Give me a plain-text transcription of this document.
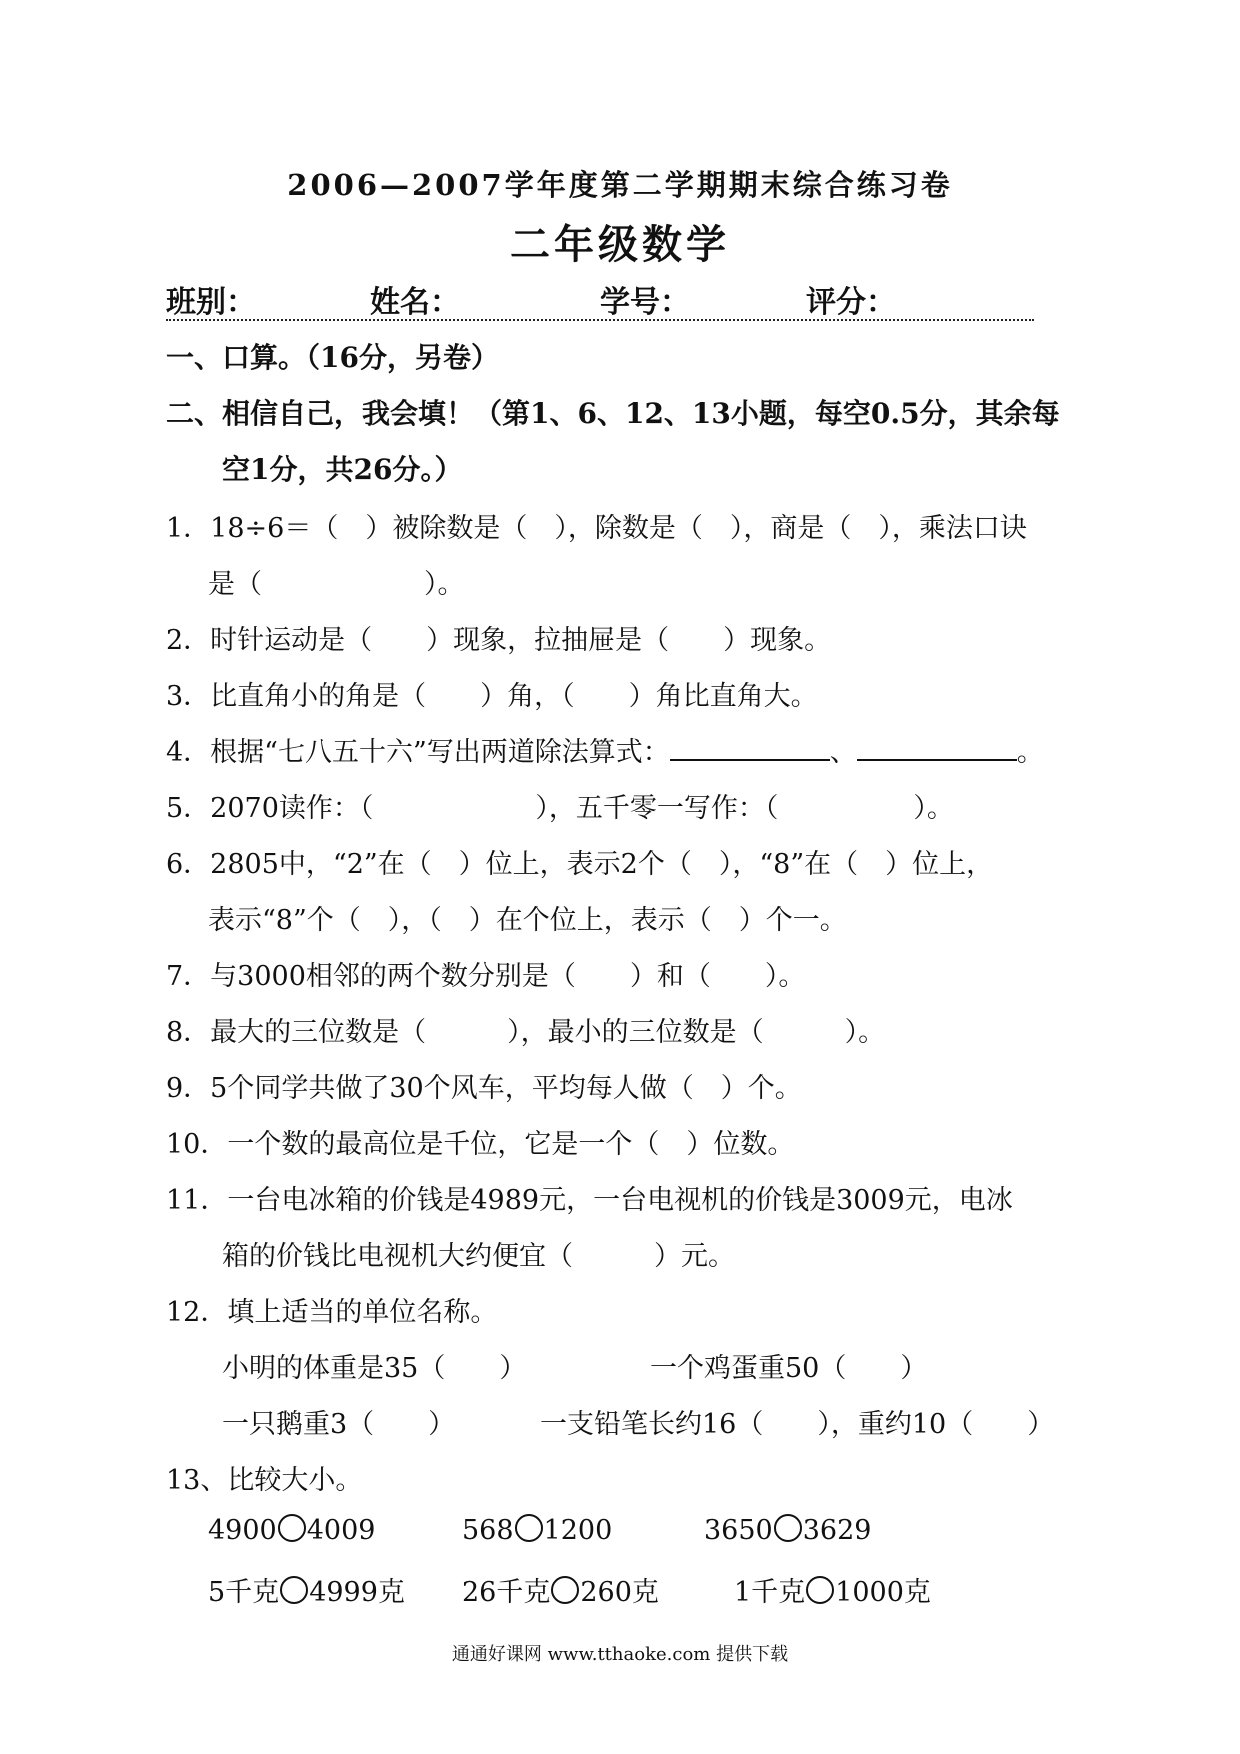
2006—2007学年度第二学期期末综合练习卷
二年级数学
班别：	姓名：	学号：	评分：
一、口算。（16分，另卷）
二、相信自己，我会填！（第1、6、12、13小题，每空0.5分，其余每
空1分，共26分。）
1．18÷6＝（　）被除数是（　），除数是（　），商是（　），乘法口诀
是（　　　　　　）。
2．时针运动是（　　）现象，拉抽屉是（　　）现象。
3．比直角小的角是（　　）角，（　　）角比直角大。
4．根据“七八五十六”写出两道除法算式：	、	。
5．2070读作：（　　　　　　），五千零一写作：（　　　　　）。
6．2805中，“2”在（　）位上，表示2个（　），“8”在（　）位上，
表示“8”个（　），（　）在个位上，表示（　）个一。
7．与3000相邻的两个数分别是（　　）和（　　）。
8．最大的三位数是（　　　），最小的三位数是（　　　）。
9．5个同学共做了30个风车，平均每人做（　）个。
10．一个数的最高位是千位，它是一个（　）位数。
11．一台电冰箱的价钱是4989元，一台电视机的价钱是3009元，电冰
箱的价钱比电视机大约便宜（　　　）元。
12．填上适当的单位名称。
小明的体重是35（　　）	一个鸡蛋重50（　　）
一只鹅重3（　　）	一支铅笔长约16（　　），重约10（　　）
13、比较大小。
4900 4009	568 1200	3650 3629
5千克 4999克 26千克 260克	1千克 1000克
通通好课网 www.tthaoke.com 提供下载
